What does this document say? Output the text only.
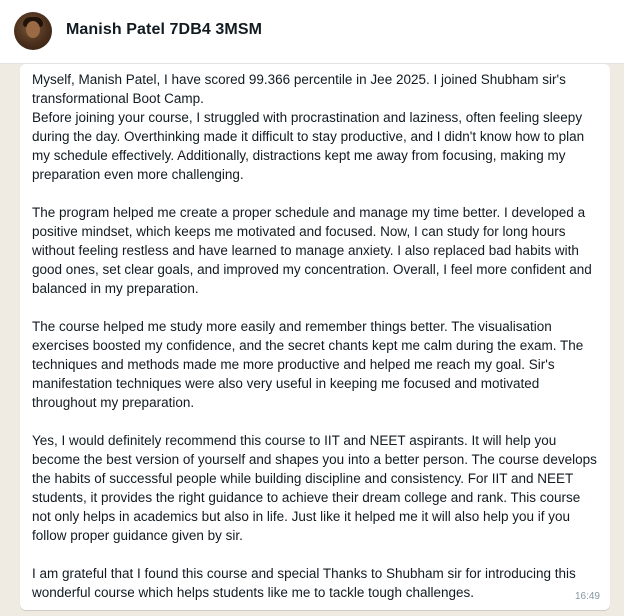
Manish Patel 7DB4 3MSM

Myself, Manish Patel, I have scored 99.366 percentile in Jee 2025. I joined Shubham sir's transformational Boot Camp.

Before joining your course, I struggled with procrastination and laziness, often feeling sleepy during the day. Overthinking made it difficult to stay productive, and I didn't know how to plan my schedule effectively. Additionally, distractions kept me away from focusing, making my preparation even more challenging.

The program helped me create a proper schedule and manage my time better. I developed a positive mindset, which keeps me motivated and focused. Now, I can study for long hours without feeling restless and have learned to manage anxiety. I also replaced bad habits with good ones, set clear goals, and improved my concentration. Overall, I feel more confident and balanced in my preparation.

The course helped me study more easily and remember things better. The visualisation exercises boosted my confidence, and the secret chants kept me calm during the exam. The techniques and methods made me more productive and helped me reach my goal. Sir's manifestation techniques were also very useful in keeping me focused and motivated throughout my preparation.

Yes, I would definitely recommend this course to IIT and NEET aspirants. It will help you become the best version of yourself and shapes you into a better person. The course develops the habits of successful people while building discipline and consistency. For IIT and NEET students, it provides the right guidance to achieve their dream college and rank. This course not only helps in academics but also in life. Just like it helped me it will also help you if you follow proper guidance given by sir.

I am grateful that I found this course and special Thanks to Shubham sir for introducing this wonderful course which helps students like me to tackle tough challenges.	16:49
